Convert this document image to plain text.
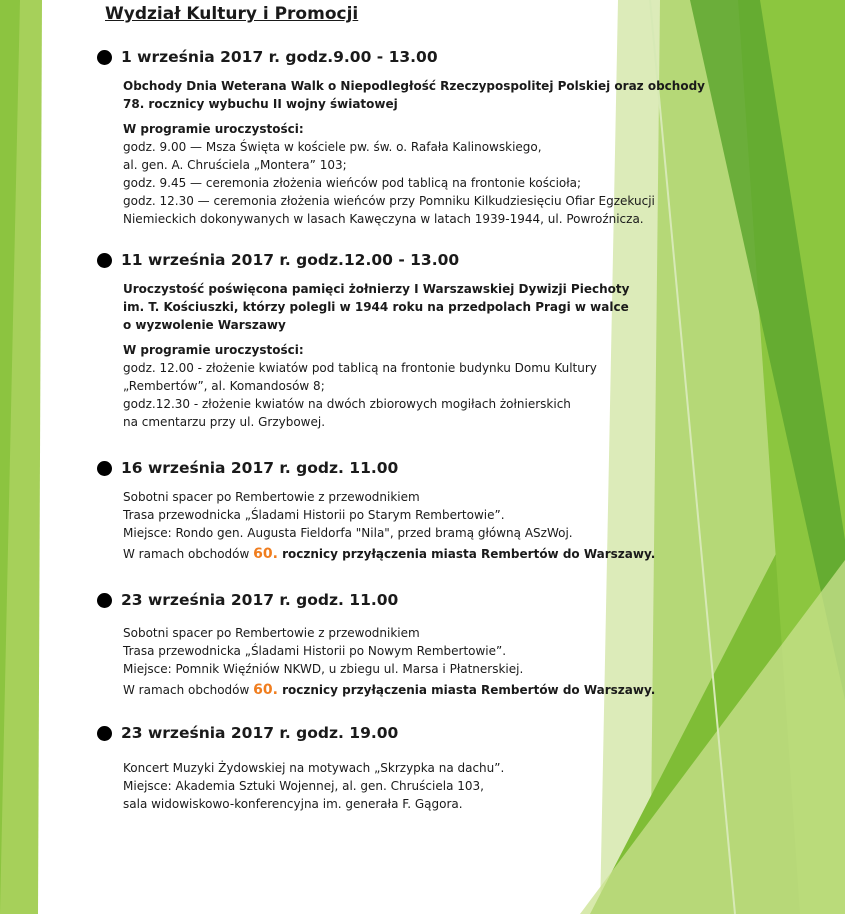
Wydział Kultury i Promocji
1 września 2017 r. godz.9.00 - 13.00
Obchody Dnia Weterana Walk o Niepodległość Rzeczypospolitej Polskiej oraz obchody
78. rocznicy wybuchu II wojny światowej
W programie uroczystości:
godz. 9.00 — Msza Święta w kościele pw. św. o. Rafała Kalinowskiego,
al. gen. A. Chruściela „Montera” 103;
godz. 9.45 — ceremonia złożenia wieńców pod tablicą na frontonie kościoła;
godz. 12.30 — ceremonia złożenia wieńców przy Pomniku Kilkudziesięciu Ofiar Egzekucji
Niemieckich dokonywanych w lasach Kawęczyna w latach 1939-1944, ul. Powroźnicza.
11 września 2017 r. godz.12.00 - 13.00
Uroczystość poświęcona pamięci żołnierzy I Warszawskiej Dywizji Piechoty
im. T. Kościuszki, którzy polegli w 1944 roku na przedpolach Pragi w walce
o wyzwolenie Warszawy
W programie uroczystości:
godz. 12.00 - złożenie kwiatów pod tablicą na frontonie budynku Domu Kultury
„Rembertów”, al. Komandosów 8;
godz.12.30 - złożenie kwiatów na dwóch zbiorowych mogiłach żołnierskich
na cmentarzu przy ul. Grzybowej.
16 września 2017 r. godz. 11.00
Sobotni spacer po Rembertowie z przewodnikiem
Trasa przewodnicka „Śladami Historii po Starym Rembertowie”.
Miejsce: Rondo gen. Augusta Fieldorfa "Nila", przed bramą główną ASzWoj.
W ramach obchodów 60. rocznicy przyłączenia miasta Rembertów do Warszawy.
23 września 2017 r. godz. 11.00
Sobotni spacer po Rembertowie z przewodnikiem
Trasa przewodnicka „Śladami Historii po Nowym Rembertowie”.
Miejsce: Pomnik Więźniów NKWD, u zbiegu ul. Marsa i Płatnerskiej.
W ramach obchodów 60. rocznicy przyłączenia miasta Rembertów do Warszawy.
23 września 2017 r. godz. 19.00
Koncert Muzyki Żydowskiej na motywach „Skrzypka na dachu”.
Miejsce: Akademia Sztuki Wojennej, al. gen. Chruściela 103,
sala widowiskowo-konferencyjna im. generała F. Gągora.
